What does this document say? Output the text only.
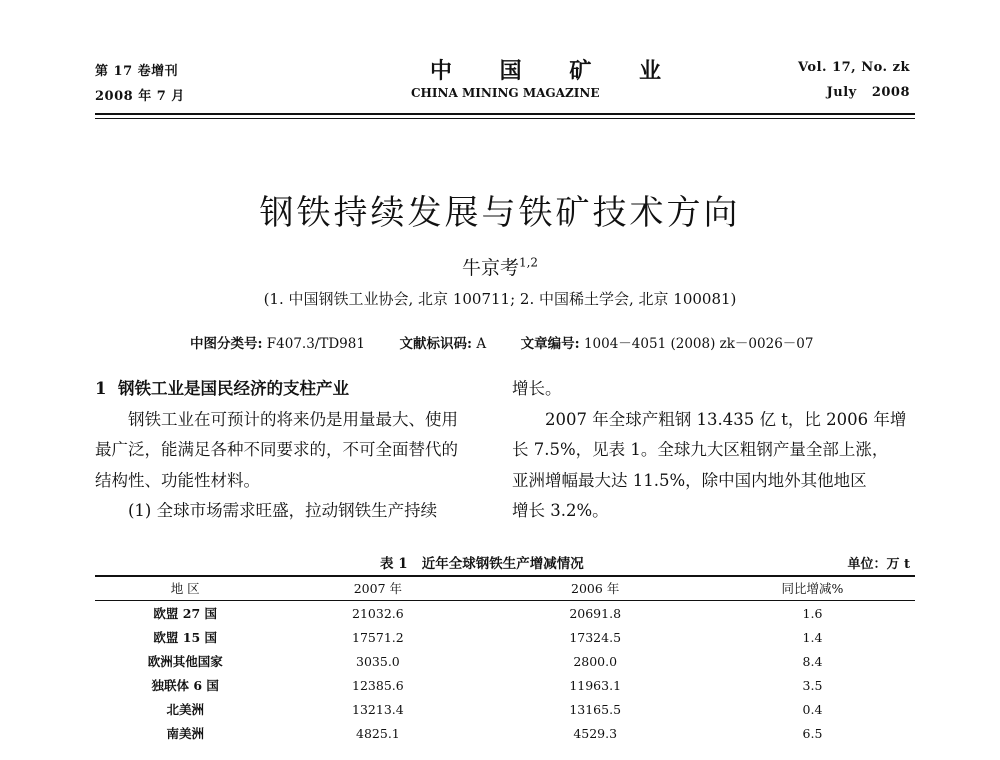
第 17 卷增刊
2008 年 7 月
中 国 矿 业
CHINA MINING MAGAZINE
Vol. 17, No. zk
July   2008
钢铁持续发展与铁矿技术方向
牛京考$^{1,2}$
(1. 中国钢铁工业协会, 北京 100711; 2. 中国稀土学会, 北京 100081)
中图分类号: F407.3/TD981	文献标识码: A	文章编号: 1004－4051 (2008) zk－0026－07

1  钢铁工业是国民经济的支柱产业

钢铁工业在可预计的将来仍是用量最大、使用

最广泛，能满足各种不同要求的，不可全面替代的

结构性、功能性材料。

(1) 全球市场需求旺盛，拉动钢铁生产持续

增长。

2007 年全球产粗钢 13.435 亿 t，比 2006 年增

长 7.5%，见表 1。全球九大区粗钢产量全部上涨，

亚洲增幅最大达 11.5%，除中国内地外其他地区

增长 3.2%。

表 1   近年全球钢铁生产增减情况	单位：万 t
地 区	2007 年	2006 年	同比增减%
欧盟 27 国	21032.6	20691.8	1.6
欧盟 15 国	17571.2	17324.5	1.4
欧洲其他国家	3035.0	2800.0	8.4
独联体 6 国	12385.6	11963.1	3.5
北美洲	13213.4	13165.5	0.4
南美洲	4825.1	4529.3	6.5
